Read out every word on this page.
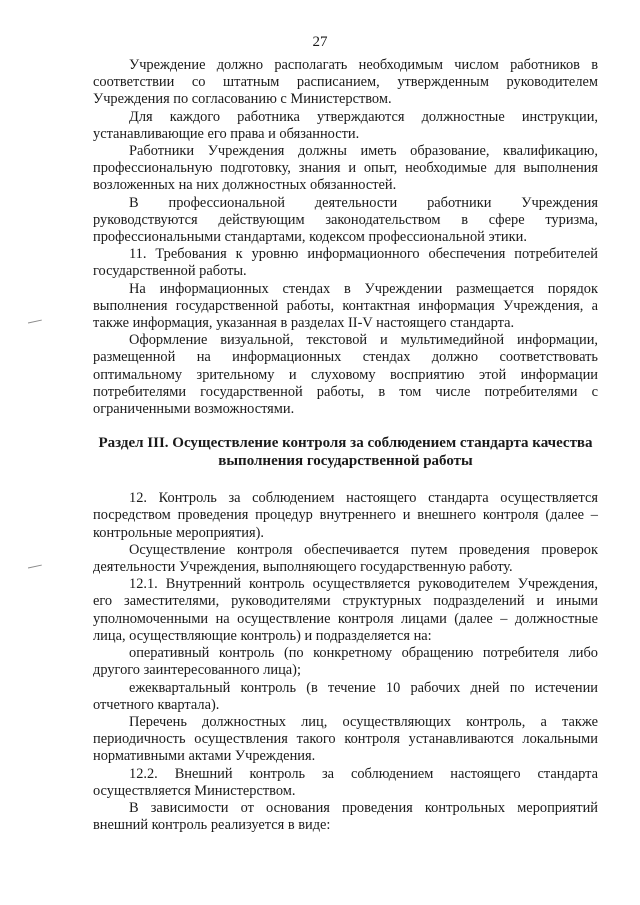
27

Учреждение должно располагать необходимым числом работников в соответствии со штатным расписанием, утвержденным руководителем Учреждения по согласованию с Министерством.

Для каждого работника утверждаются должностные инструкции, устанавливающие его права и обязанности.

Работники Учреждения должны иметь образование, квалификацию, профессиональную подготовку, знания и опыт, необходимые для выполнения возложенных на них должностных обязанностей.

В профессиональной деятельности работники Учреждения руководствуются действующим законодательством в сфере туризма, профессиональными стандартами, кодексом профессиональной этики.

11. Требования к уровню информационного обеспечения потребителей государственной работы.

На информационных стендах в Учреждении размещается порядок выполнения государственной работы, контактная информация Учреждения, а также информация, указанная в разделах II-V настоящего стандарта.

Оформление визуальной, текстовой и мультимедийной информации, размещенной на информационных стендах должно соответствовать оптимальному зрительному и слуховому восприятию этой информации потребителями государственной работы, в том числе потребителями с ограниченными возможностями.

Раздел III. Осуществление контроля за соблюдением стандарта качества выполнения государственной работы

12. Контроль за соблюдением настоящего стандарта осуществляется посредством проведения процедур внутреннего и внешнего контроля (далее – контрольные мероприятия).

Осуществление контроля обеспечивается путем проведения проверок деятельности Учреждения, выполняющего государственную работу.

12.1. Внутренний контроль осуществляется руководителем Учреждения, его заместителями, руководителями структурных подразделений и иными уполномоченными на осуществление контроля лицами (далее – должностные лица, осуществляющие контроль) и подразделяется на:

оперативный контроль (по конкретному обращению потребителя либо другого заинтересованного лица);

ежеквартальный контроль (в течение 10 рабочих дней по истечении отчетного квартала).

Перечень должностных лиц, осуществляющих контроль, а также периодичность осуществления такого контроля устанавливаются локальными нормативными актами Учреждения.

12.2. Внешний контроль за соблюдением настоящего стандарта осуществляется Министерством.

В зависимости от основания проведения контрольных мероприятий внешний контроль реализуется в виде:
